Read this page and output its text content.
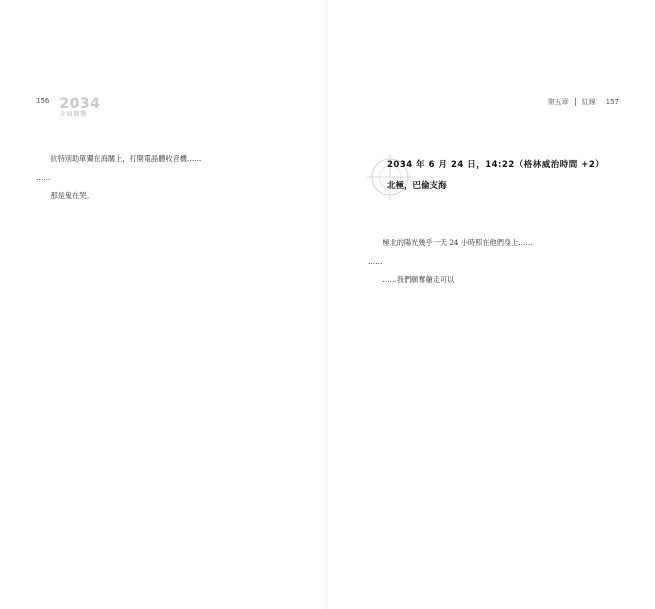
156 2034
全面開戰

抗特別助單獨在海關上，打開電晶體收音機……

……

那是鬼在哭。

第五章 紅線 157
2034 年 6 月 24 日，14:22（格林威治時間 +2）
北極，巴倫支海

極北的陽光幾乎一天 24 小時照在他們身上……

……

……我們願奪艙走可以
